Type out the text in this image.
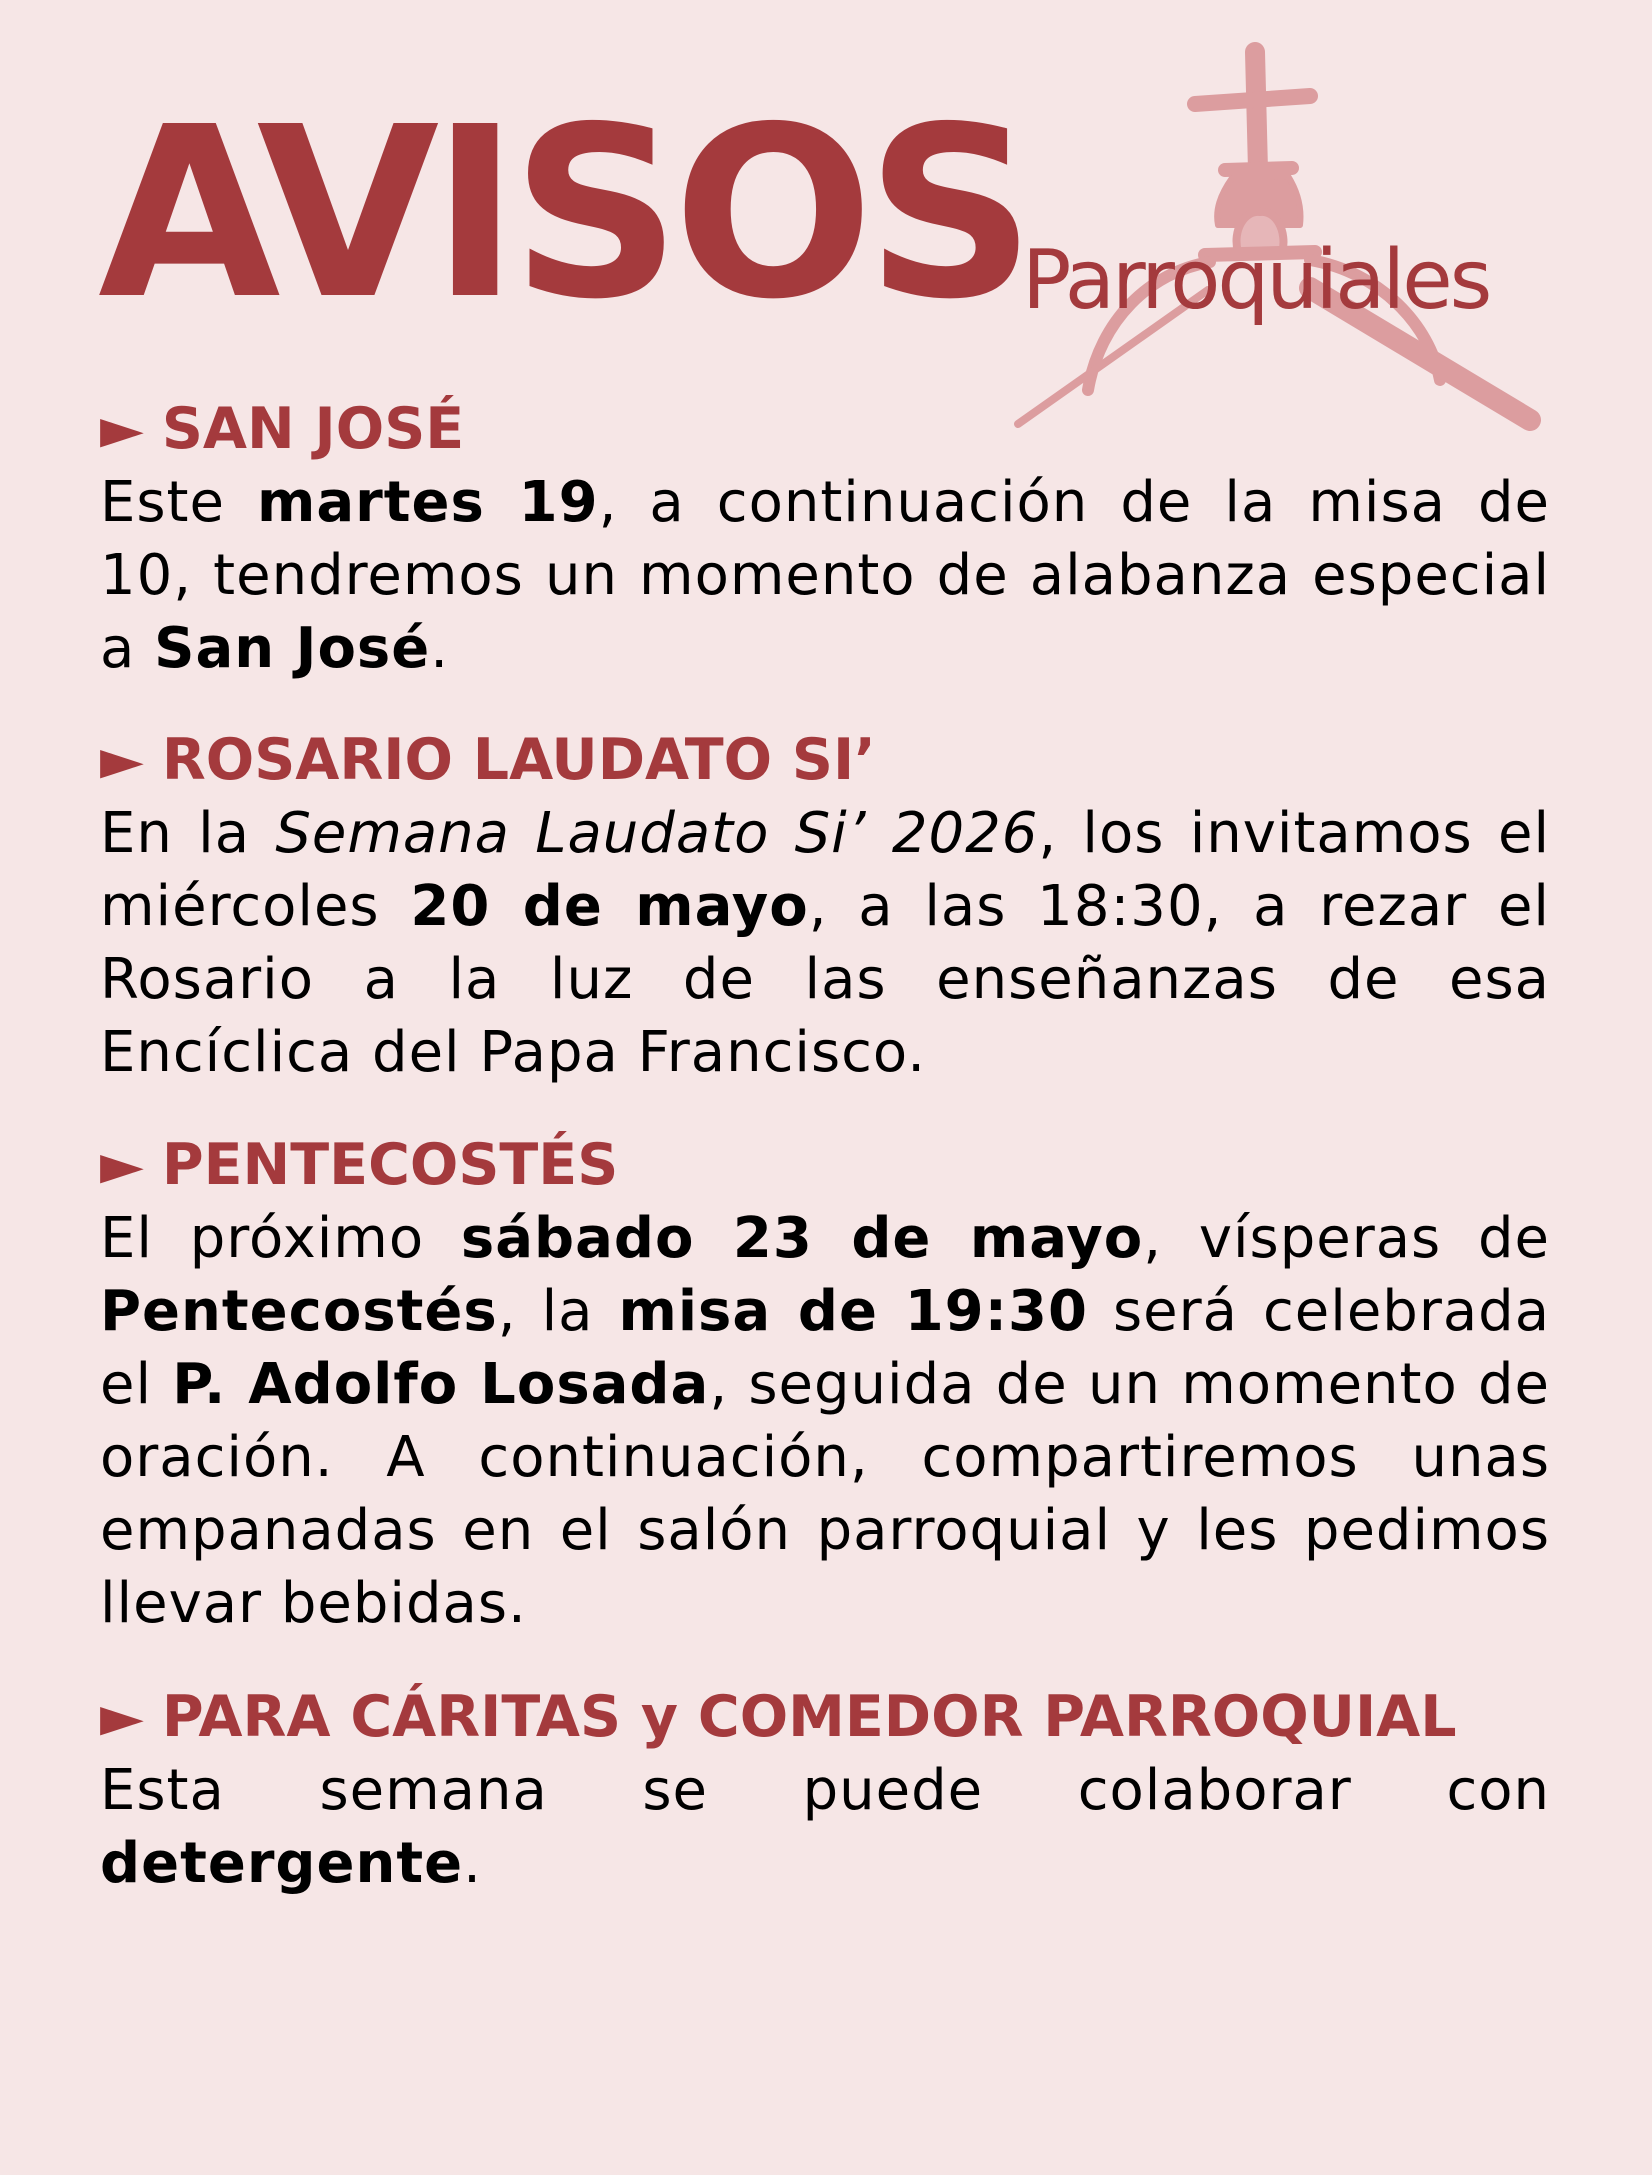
AVISOS
Parroquiales
► SAN JOSÉ

Este martes 19, a continuación de la misa de 10, tendremos un momento de alabanza especial a San José.

► ROSARIO LAUDATO SI’

En la Semana Laudato Si’ 2026, los invitamos el miércoles 20 de mayo, a las 18:30, a rezar el Rosario a la luz de las enseñanzas de esa Encíclica del Papa Francisco.

► PENTECOSTÉS

El próximo sábado 23 de mayo, vísperas de Pentecostés, la misa de 19:30 será celebrada el P. Adolfo Losada, seguida de un momento de oración. A continuación, compartiremos unas empanadas en el salón parroquial y les pedimos llevar bebidas.

► PARA CÁRITAS y COMEDOR PARROQUIAL

Esta semana se puede colaborar con detergente.
